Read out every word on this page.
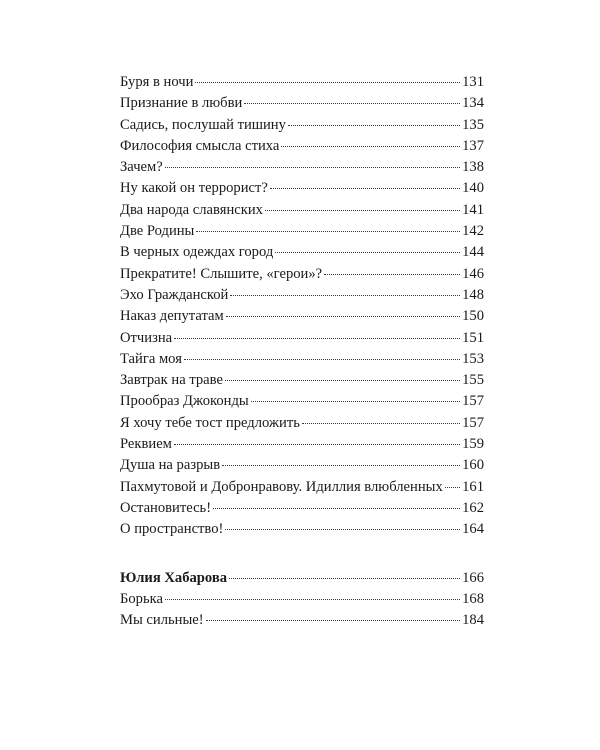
Буря в ночи	131
Признание в любви	134
Садись, послушай тишину	135
Философия смысла стиха	137
Зачем?	138
Ну какой он террорист?	140
Два народа славянских	141
Две Родины	142
В черных одеждах город	144
Прекратите! Слышите, «герои»?	146
Эхо Гражданской	148
Наказ депутатам	150
Отчизна	151
Тайга моя	153
Завтрак на траве	155
Прообраз Джоконды	157
Я хочу тебе тост предложить	157
Реквием	159
Душа на разрыв	160
Пахмутовой и Добронравову. Идиллия влюбленных 161
Остановитесь!	162
О пространство!	164
Юлия Хабарова	166
Борька	168
Мы сильные!	184
